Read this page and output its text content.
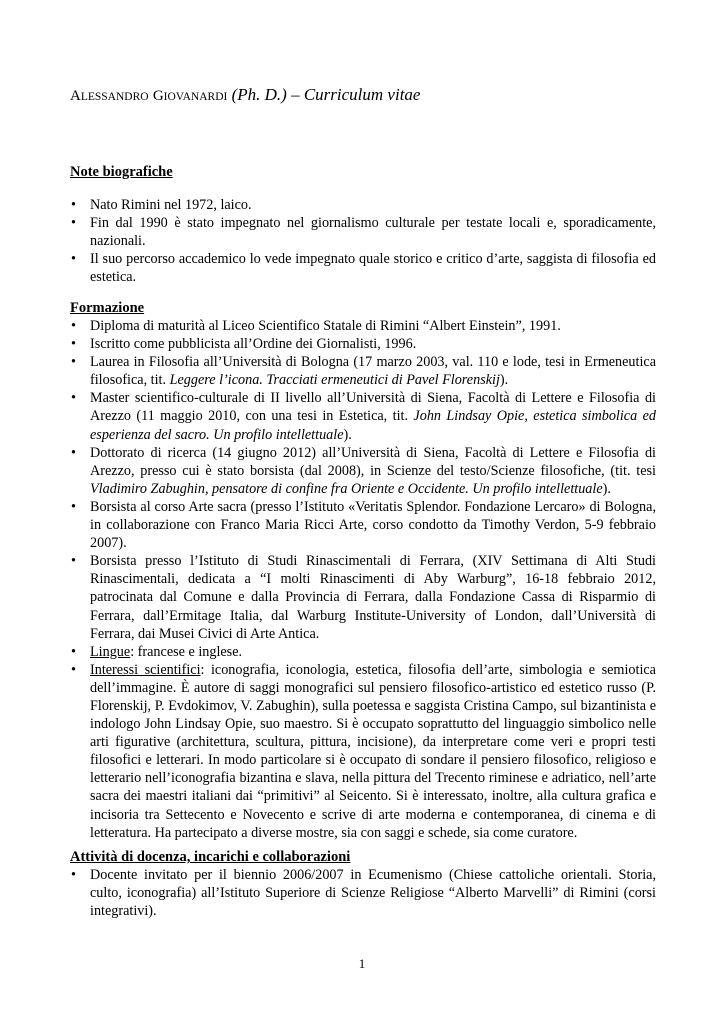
ALESSANDRO GIOVANARDI (Ph. D.) – Curriculum vitae
Note biografiche
• Nato Rimini nel 1972, laico.
• Fin dal 1990 è stato impegnato nel giornalismo culturale per testate locali e, sporadicamente, nazionali.
• Il suo percorso accademico lo vede impegnato quale storico e critico d’arte, saggista di filosofia ed estetica.
Formazione
• Diploma di maturità al Liceo Scientifico Statale di Rimini “Albert Einstein”, 1991.
• Iscritto come pubblicista all’Ordine dei Giornalisti, 1996.
• Laurea in Filosofia all’Università di Bologna (17 marzo 2003, val. 110 e lode, tesi in Ermeneutica filosofica, tit. Leggere l’icona. Tracciati ermeneutici di Pavel Florenskij).
• Master scientifico-culturale di II livello all’Università di Siena, Facoltà di Lettere e Filosofia di Arezzo (11 maggio 2010, con una tesi in Estetica, tit. John Lindsay Opie, estetica simbolica ed esperienza del sacro. Un profilo intellettuale).
• Dottorato di ricerca (14 giugno 2012) all’Università di Siena, Facoltà di Lettere e Filosofia di Arezzo, presso cui è stato borsista (dal 2008), in Scienze del testo/Scienze filosofiche, (tit. tesi Vladimiro Zabughin, pensatore di confine fra Oriente e Occidente. Un profilo intellettuale).
• Borsista al corso Arte sacra (presso l’Istituto «Veritatis Splendor. Fondazione Lercaro» di Bologna, in collaborazione con Franco Maria Ricci Arte, corso condotto da Timothy Verdon, 5-9 febbraio 2007).
• Borsista presso l’Istituto di Studi Rinascimentali di Ferrara, (XIV Settimana di Alti Studi Rinascimentali, dedicata a “I molti Rinascimenti di Aby Warburg”, 16-18 febbraio 2012, patrocinata dal Comune e dalla Provincia di Ferrara, dalla Fondazione Cassa di Risparmio di Ferrara, dall’Ermitage Italia, dal Warburg Institute-University of London, dall’Università di Ferrara, dai Musei Civici di Arte Antica.
• Lingue: francese e inglese.
• Interessi scientifici: iconografia, iconologia, estetica, filosofia dell’arte, simbologia e semiotica dell’immagine. È autore di saggi monografici sul pensiero filosofico-artistico ed estetico russo (P. Florenskij, P. Evdokimov, V. Zabughin), sulla poetessa e saggista Cristina Campo, sul bizantinista e indologo John Lindsay Opie, suo maestro. Si è occupato soprattutto del linguaggio simbolico nelle arti figurative (architettura, scultura, pittura, incisione), da interpretare come veri e propri testi filosofici e letterari. In modo particolare si è occupato di sondare il pensiero filosofico, religioso e letterario nell’iconografia bizantina e slava, nella pittura del Trecento riminese e adriatico, nell’arte sacra dei maestri italiani dai “primitivi” al Seicento. Si è interessato, inoltre, alla cultura grafica e incisoria tra Settecento e Novecento e scrive di arte moderna e contemporanea, di cinema e di letteratura. Ha partecipato a diverse mostre, sia con saggi e schede, sia come curatore.
Attività di docenza, incarichi e collaborazioni
• Docente invitato per il biennio 2006/2007 in Ecumenismo (Chiese cattoliche orientali. Storia, culto, iconografia) all’Istituto Superiore di Scienze Religiose “Alberto Marvelli” di Rimini (corsi integrativi).
1
